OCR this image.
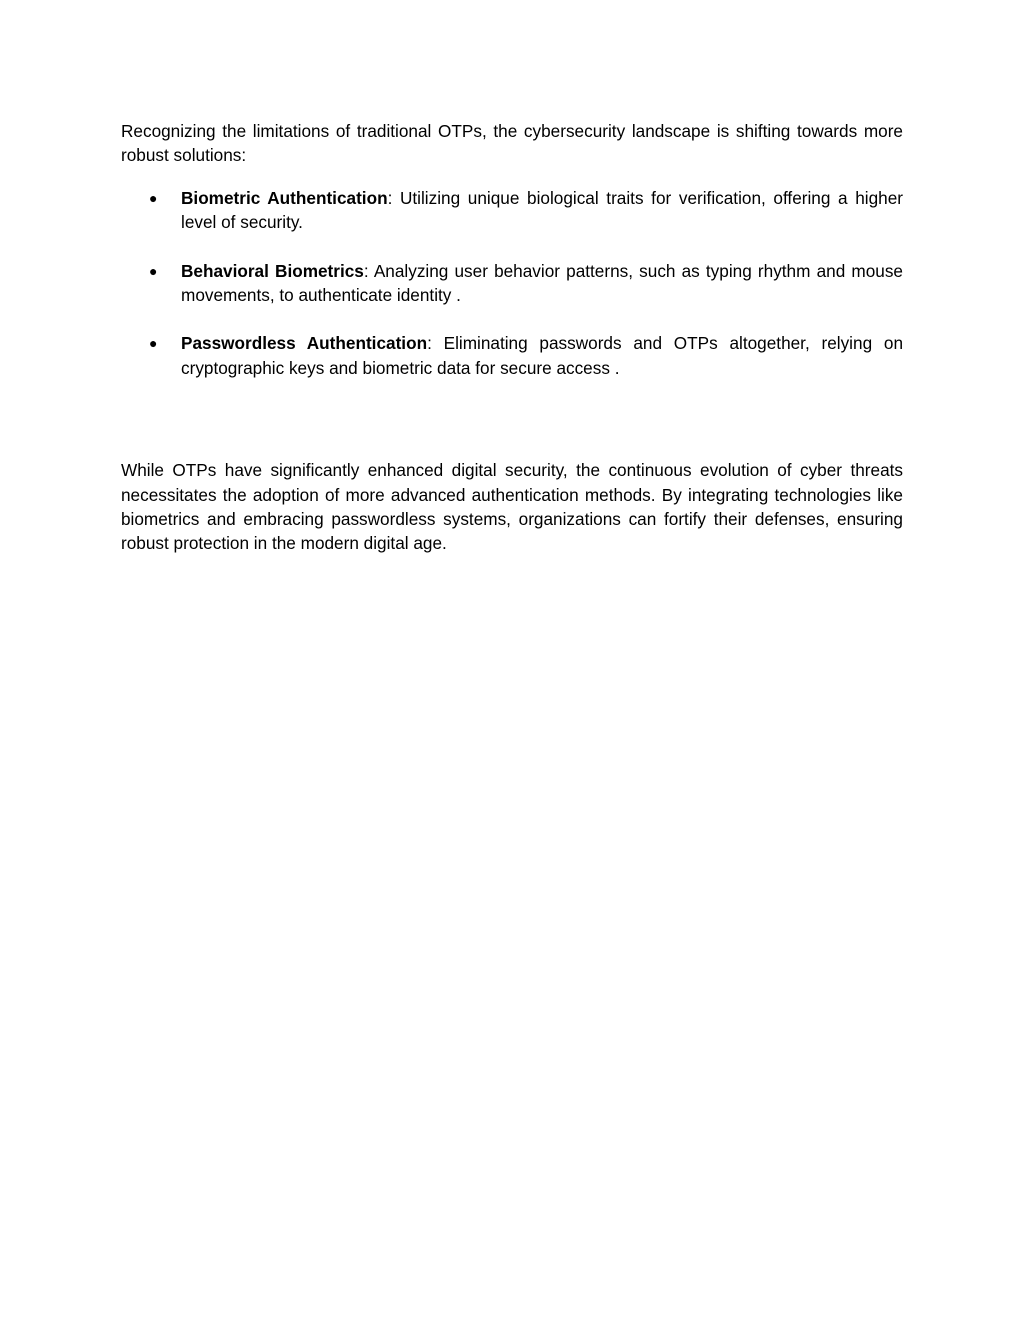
Recognizing the limitations of traditional OTPs, the cybersecurity landscape is shifting towards more robust solutions:

● Biometric Authentication: Utilizing unique biological traits for verification, offering a higher level of security.
● Behavioral Biometrics: Analyzing user behavior patterns, such as typing rhythm and mouse movements, to authenticate identity .
● Passwordless Authentication: Eliminating passwords and OTPs altogether, relying on cryptographic keys and biometric data for secure access .

While OTPs have significantly enhanced digital security, the continuous evolution of cyber threats necessitates the adoption of more advanced authentication methods. By integrating technologies like biometrics and embracing passwordless systems, organizations can fortify their defenses, ensuring robust protection in the modern digital age.
